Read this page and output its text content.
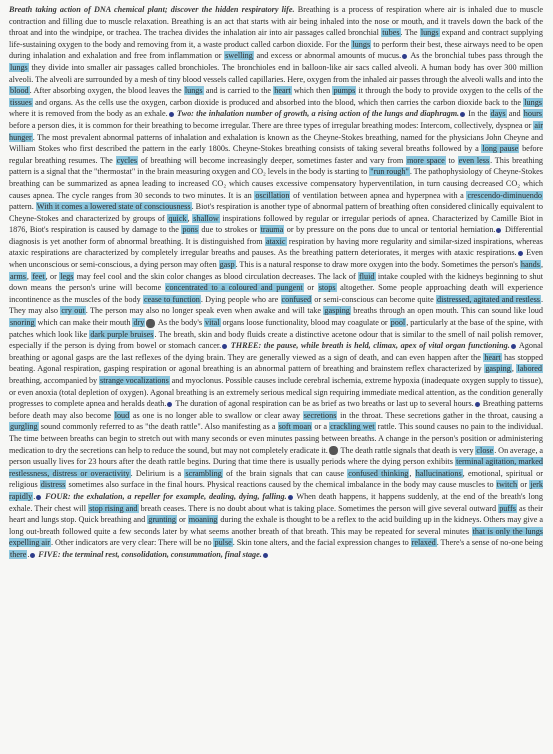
Breath taking action of DNA chemical plant; discover the hidden respiratory life. Breathing is a process of respiration where air is inhaled due to muscle contraction and filling due to muscle relaxation. Breathing is an act that starts with air being inhaled into the nose or mouth, and it travels down the back of the throat and into the windpipe, or trachea. The trachea divides the inhalation air into air passages called bronchial tubes. The lungs expand and contract supplying life-sustaining oxygen to the body and removing from it, a waste product called carbon dioxide. For the lungs to perform their best, these airways need to be open during inhalation and exhalation and free from inflammation or swelling and excess or abnormal amounts of mucus. As the bronchial tubes pass through the lungs they divide into smaller air passages called bronchioles. The bronchioles end in balloon-like air sacs called alveoli. A human body has over 300 million alveoli. The alveoli are surrounded by a mesh of tiny blood vessels called capillaries. Here, oxygen from the inhaled air passes through the alveoli walls and into the blood. After absorbing oxygen, the blood leaves the lungs and is carried to the heart which then pumps it through the body to provide oxygen to the cells of the tissues and organs. As the cells use the oxygen, carbon dioxide is produced and absorbed into the blood, which then carries the carbon dioxide back to the lungs where it is removed from the body as an exhale. Two: the inhalation number of growth, a rising action of the lungs and diaphragm. In the days and hours before a person dies, it is common for their breathing to become irregular. There are three types of irregular breathing modes: Intercom, collectively, dyspnea or air hunger. The most prevalent abnormal patterns of inhalation and exhalation is known as the Cheyne-Stokes breathing, named for the physicians John Cheyne and William Stokes who first described the pattern in the early 1800s. Cheyne-Stokes breathing consists of taking several breaths followed by a long pause before regular breathing resumes. The cycles of breathing will become increasingly deeper, sometimes faster and vary from more space to even less. This breathing pattern is a signal that the "thermostat" in the brain measuring oxygen and CO₂ levels in the body is starting to "run rough". The pathophysiology of Cheyne-Stokes breathing can be summarized as apnea leading to increased CO₂ which causes excessive compensatory hyperventilation, in turn causing decreased CO₂ which causes apnea. The cycle ranges from 30 seconds to two minutes. It is an oscillation of ventilation between apnea and hyperpnea with a crescendo-diminuendo pattern. With it comes a lowered state of consciousness. Biot's respiration is another type of abnormal pattern of breathing often considered clinically equivalent to Cheyne-Stokes and characterized by groups of quick, shallow inspirations followed by regular or irregular periods of apnea. Characterized by Camille Biot in 1876, Biot's respiration is caused by damage to the pons due to strokes or trauma or by pressure on the pons due to uncal or tentorial herniation. Differential diagnosis is yet another form of abnormal breathing. It is distinguished from ataxic respiration by having more regularity and similar-sized inspirations, whereas ataxic respirations are characterized by completely irregular breaths and pauses. As the breathing pattern deteriorates, it merges with ataxic respirations. Even when unconscious or semi-conscious, a dying person may often gasp. This is a natural response to draw more oxygen into the body. Sometimes the person's hands, arms, feet, or legs may feel cool and the skin color changes as blood circulation decreases. The lack of fluid intake coupled with the kidneys beginning to shut down means the person's urine will become concentrated to a coloured and pungent or stops altogether. Some people approaching death will experience incontinence as the muscles of the body cease to function. Dying people who are confused or semi-conscious can become quite distressed, agitated and restless. They may also cry out. The person may also no longer speak even when awake and will take gasping breaths through an open mouth. This can sound like loud snoring which can make their mouth dry As the body's vital organs loose functionality, blood may coagulate or pool, particularly at the base of the spine, with patches which look like dark purple bruises. The breath, skin and body fluids create a distinctive acetone odour that is similar to the smell of nail polish remover, especially if the person is dying from bowel or stomach cancer. THREE: the pause, while breath is held, climax, apex of vital organ functioning. Agonal breathing or agonal gasps are the last reflexes of the dying brain. They are generally viewed as a sign of death, and can even happen after the heart has stopped beating. Agonal respiration, gasping respiration or agonal breathing is an abnormal pattern of breathing and brainstem reflex characterized by gasping, labored breathing, accompanied by strange vocalizations and myoclonus. Possible causes include cerebral ischemia, extreme hypoxia (inadequate oxygen supply to tissue), or even anoxia (total depletion of oxygen). Agonal breathing is an extremely serious medical sign requiring immediate medical attention, as the condition generally progresses to complete apnea and heralds death. The duration of agonal respiration can be as brief as two breaths or last up to several hours. Breathing patterns before death may also become loud as one is no longer able to swallow or clear away secretions in the throat. These secretions gather in the throat, causing a gurgling sound commonly referred to as "the death rattle". Also manifesting as a soft moan or a crackling wet rattle. This sound causes no pain to the individual. The time between breaths can begin to stretch out with many seconds or even minutes passing between breaths. A change in the person's position or administering medication to dry the secretions can help to reduce the sound, but may not completely eradicate it. The death rattle signals that death is very close. On average, a person usually lives for 23 hours after the death rattle begins. During that time there is usually periods where the dying person exhibits terminal agitation, marked restlessness, distress or overactivity. Delirium is a scrambling of the brain signals that can cause confused thinking, hallucinations, emotional, spiritual or religious distress sometimes also surface in the final hours. Physical reactions caused by the chemical imbalance in the body may cause muscles to twitch or jerk rapidly. FOUR: the exhalation, a repeller for example, dealing, dying, falling. When death happens, it happens suddenly, at the end of the breath's long exhale. Their chest will stop rising and breath ceases. There is no doubt about what is taking place. Sometimes the person will give several outward puffs as their heart and lungs stop. Quick breathing and grunting or moaning during the exhale is thought to be a reflex to the acid building up in the kidneys. Others may give a long out-breath followed quite a few seconds later by what seems another breath of that breath. This may be repeated for several minutes that is only the lungs expelling air. Other indicators are very clear: There will be no pulse. Skin tone alters, and the facial expression changes to relaxed. There's a sense of no-one being there. FIVE: the terminal rest, consolidation, consummation, final stage.
